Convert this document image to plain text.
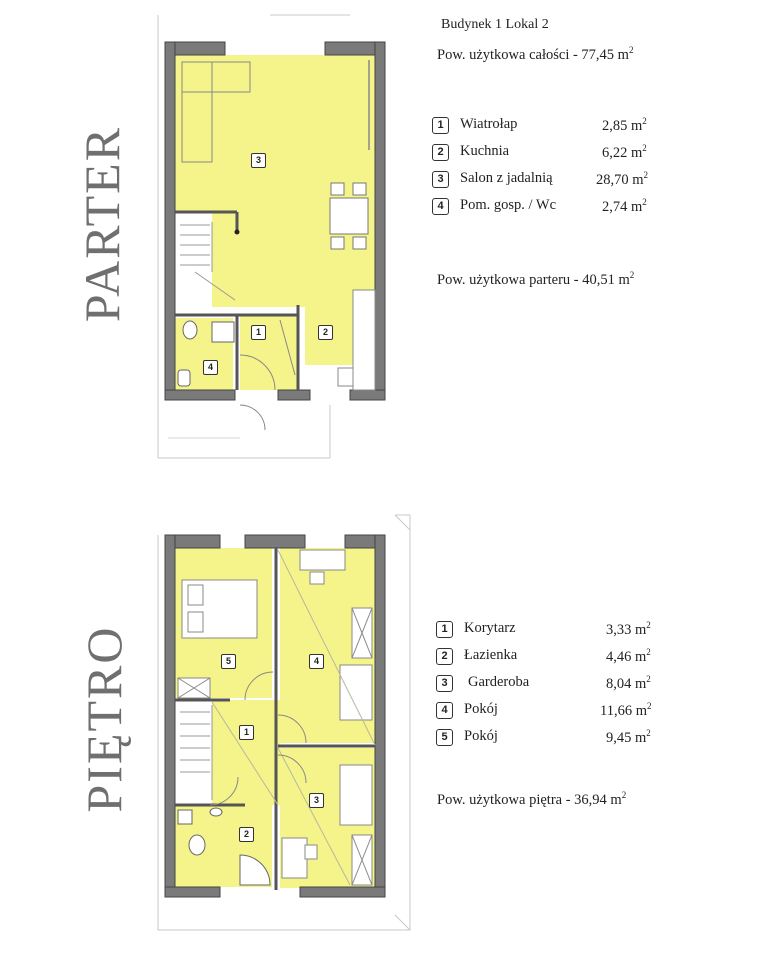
PARTER
PIĘTRO
3
1	2
4
5	4
1
3
2
Budynek 1 Lokal 2
Pow. użytkowa całości - 77,45 $m^2$
1	Wiatrołap	2,85 $m^2$
2	Kuchnia	6,22 $m^2$
3	Salon z jadalnią	28,70 $m^2$
4	Pom. gosp. / Wc	2,74 $m^2$
Pow. użytkowa parteru - 40,51 $m^2$
1	Korytarz	3,33 $m^2$
2	Łazienka	4,46 $m^2$
3	Garderoba	8,04 $m^2$
4	Pokój	11,66 $m^2$
5	Pokój	9,45 $m^2$
Pow. użytkowa piętra - 36,94 $m^2$
